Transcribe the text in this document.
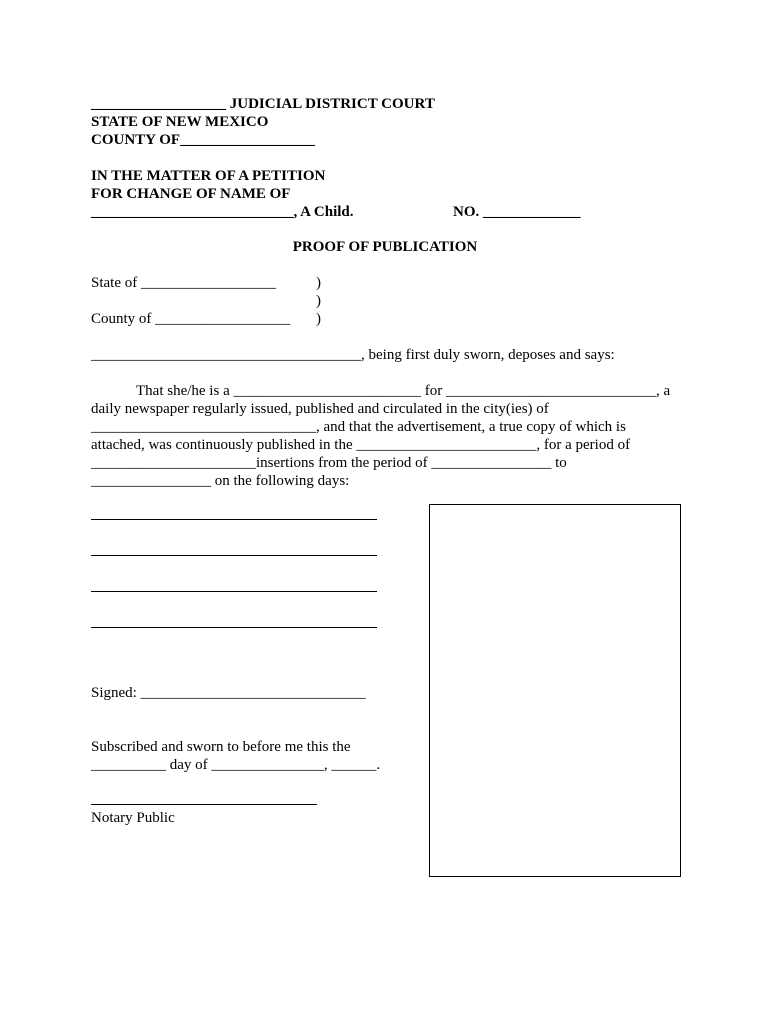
__________________ JUDICIAL DISTRICT COURT
STATE OF NEW MEXICO
COUNTY OF__________________
IN THE MATTER OF A PETITION
FOR CHANGE OF NAME OF
___________________________, A Child.	NO. _____________
PROOF OF PUBLICATION
State of __________________	)
)
County of __________________ )
____________________________________, being first duly sworn, deposes and says:
That she/he is a _________________________ for ____________________________, a
daily newspaper regularly issued, published and circulated in the city(ies) of
______________________________, and that the advertisement, a true copy of which is
attached, was continuously published in the ________________________, for a period of
______________________insertions from the period of ________________ to
________________ on the following days:
Signed: ______________________________
Subscribed and sworn to before me this the
__________ day of _______________, ______.
Notary Public
